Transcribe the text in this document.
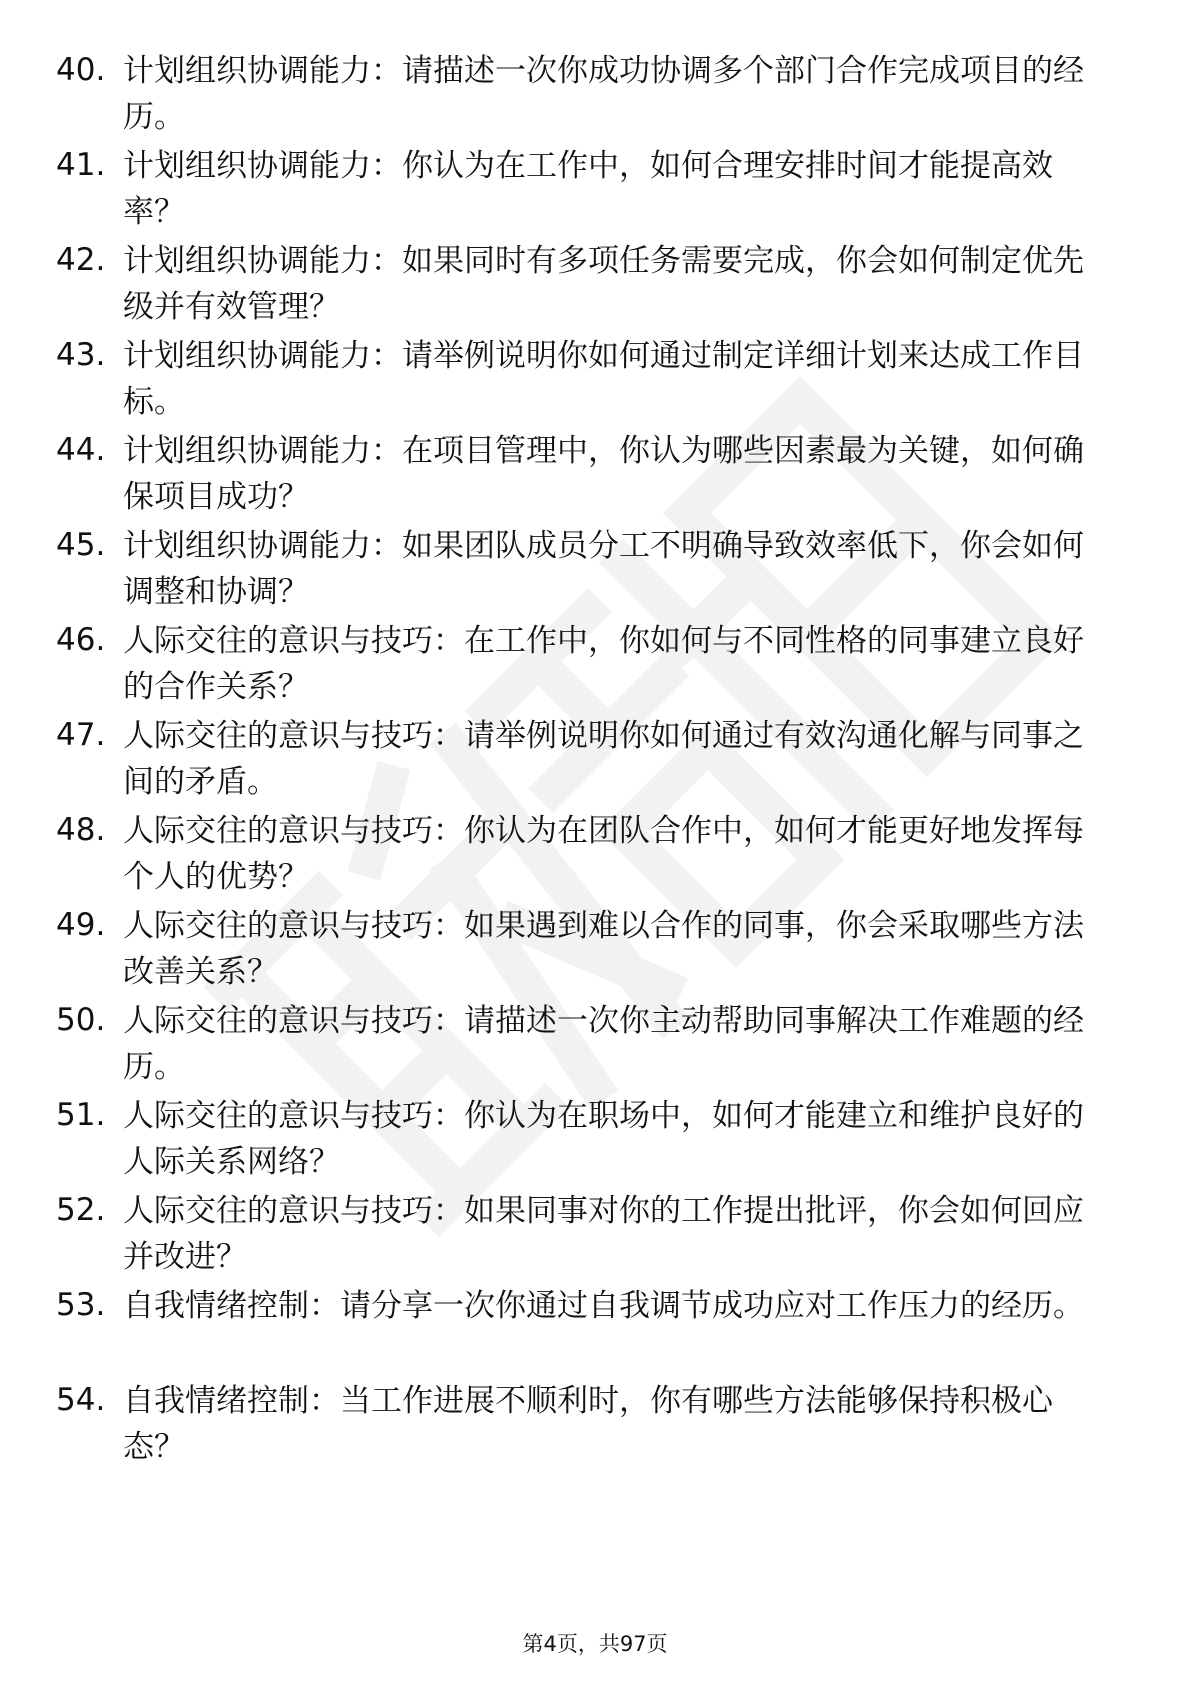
40. 计划组织协调能力：请描述一次你成功协调多个部门合作完成项目的经历。
41. 计划组织协调能力：你认为在工作中，如何合理安排时间才能提高效率？
42. 计划组织协调能力：如果同时有多项任务需要完成，你会如何制定优先级并有效管理？
43. 计划组织协调能力：请举例说明你如何通过制定详细计划来达成工作目标。
44. 计划组织协调能力：在项目管理中，你认为哪些因素最为关键，如何确保项目成功？
45. 计划组织协调能力：如果团队成员分工不明确导致效率低下，你会如何调整和协调？
46. 人际交往的意识与技巧：在工作中，你如何与不同性格的同事建立良好的合作关系？
47. 人际交往的意识与技巧：请举例说明你如何通过有效沟通化解与同事之间的矛盾。
48. 人际交往的意识与技巧：你认为在团队合作中，如何才能更好地发挥每个人的优势？
49. 人际交往的意识与技巧：如果遇到难以合作的同事，你会采取哪些方法改善关系？
50. 人际交往的意识与技巧：请描述一次你主动帮助同事解决工作难题的经历。
51. 人际交往的意识与技巧：你认为在职场中，如何才能建立和维护良好的人际关系网络？
52. 人际交往的意识与技巧：如果同事对你的工作提出批评，你会如何回应并改进？
53. 自我情绪控制：请分享一次你通过自我调节成功应对工作压力的经历。
54. 自我情绪控制：当工作进展不顺利时，你有哪些方法能够保持积极心态？
第4页，共97页
